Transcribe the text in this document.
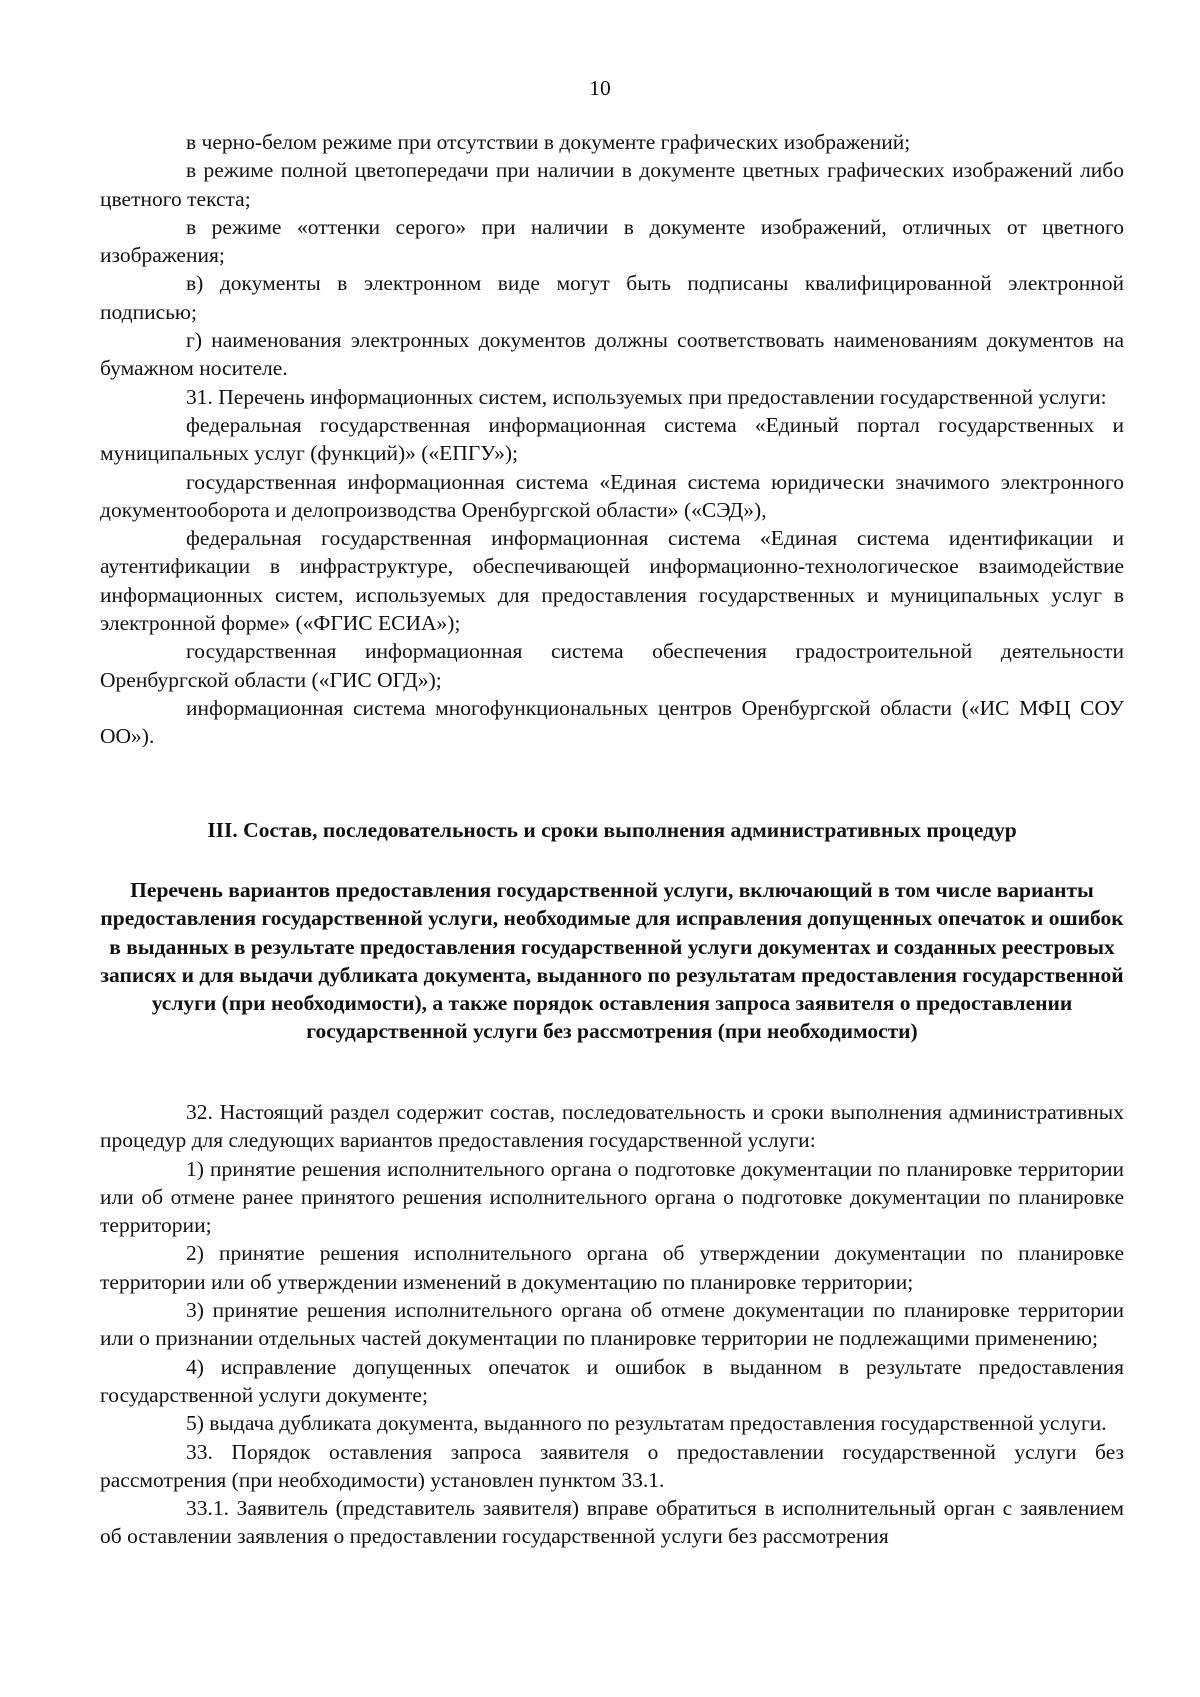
10

в черно-белом режиме при отсутствии в документе графических изображений;

в режиме полной цветопередачи при наличии в документе цветных графических изображений либо цветного текста;

в режиме «оттенки серого» при наличии в документе изображений, отличных от цветного изображения;

в) документы в электронном виде могут быть подписаны квалифицированной электронной подписью;

г) наименования электронных документов должны соответствовать наименованиям документов на бумажном носителе.

31. Перечень информационных систем, используемых при предоставлении государственной услуги:

федеральная государственная информационная система «Единый портал государственных и муниципальных услуг (функций)» («ЕПГУ»);

государственная информационная система «Единая система юридически значимого электронного документооборота и делопроизводства Оренбургской области» («СЭД»),

федеральная государственная информационная система «Единая система идентификации и аутентификации в инфраструктуре, обеспечивающей информационно-технологическое взаимодействие информационных систем, используемых для предоставления государственных и муниципальных услуг в электронной форме» («ФГИС ЕСИА»);

государственная информационная система обеспечения градостроительной деятельности Оренбургской области («ГИС ОГД»);

информационная система многофункциональных центров Оренбургской области («ИС МФЦ СОУ ОО»).

III. Состав, последовательность и сроки выполнения административных процедур
Перечень вариантов предоставления государственной услуги, включающий в том числе варианты предоставления государственной услуги, необходимые для исправления допущенных опечаток и ошибок в выданных в результате предоставления государственной услуги документах и созданных реестровых записях и для выдачи дубликата документа, выданного по результатам предоставления государственной услуги (при необходимости), а также порядок оставления запроса заявителя о предоставлении государственной услуги без рассмотрения (при необходимости)

32. Настоящий раздел содержит состав, последовательность и сроки выполнения административных процедур для следующих вариантов предоставления государственной услуги:

1) принятие решения исполнительного органа о подготовке документации по планировке территории или об отмене ранее принятого решения исполнительного органа о подготовке документации по планировке территории;

2) принятие решения исполнительного органа об утверждении документации по планировке территории или об утверждении изменений в документацию по планировке территории;

3) принятие решения исполнительного органа об отмене документации по планировке территории или о признании отдельных частей документации по планировке территории не подлежащими применению;

4) исправление допущенных опечаток и ошибок в выданном в результате предоставления государственной услуги документе;

5) выдача дубликата документа, выданного по результатам предоставления государственной услуги.

33. Порядок оставления запроса заявителя о предоставлении государственной услуги без рассмотрения (при необходимости) установлен пунктом 33.1.

33.1. Заявитель (представитель заявителя) вправе обратиться в исполнительный орган с заявлением об оставлении заявления о предоставлении государственной услуги без рассмотрения
